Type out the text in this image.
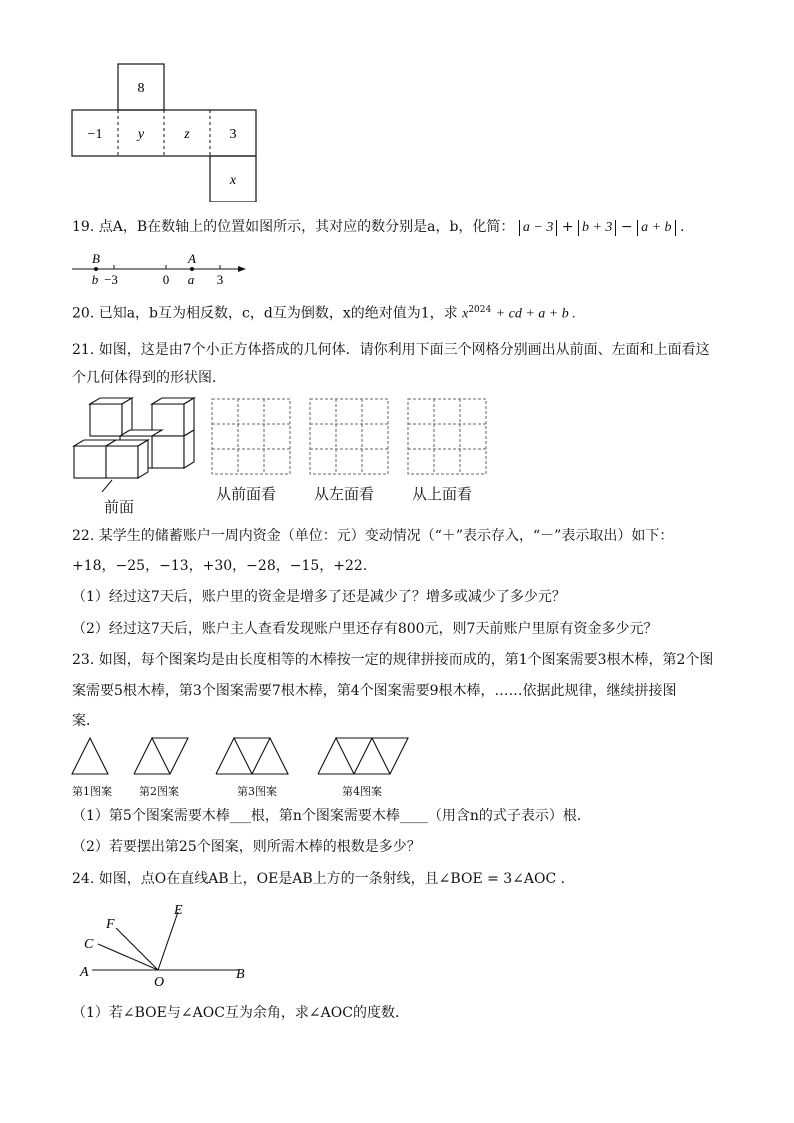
8
−1	y	z	3
x
19. 点A，B在数轴上的位置如图所示，其对应的数分别是a，b，化简： a − 3 + b + 3 − a + b .
B	A
b −3	0 a 3
20. 已知a，b互为相反数，c，d互为倒数，x的绝对值为1，求 $x^{2024}$ + cd + a + b .
21. 如图，这是由7个小正方体搭成的几何体．请你利用下面三个网格分别画出从前面、左面和上面看这
个几何体得到的形状图．
前面
从前面看	从左面看	从上面看
22. 某学生的储蓄账户一周内资金（单位：元）变动情况（“＋”表示存入，“－”表示取出）如下：
+18，−25，−13，+30，−28，−15，+22．
（1）经过这7天后，账户里的资金是增多了还是减少了？增多或减少了多少元？
（2）经过这7天后，账户主人查看发现账户里还存有800元，则7天前账户里原有资金多少元？
23. 如图，每个图案均是由长度相等的木棒按一定的规律拼接而成的，第1个图案需要3根木棒，第2个图
案需要5根木棒，第3个图案需要7根木棒，第4个图案需要9根木棒，……依据此规律，继续拼接图
案．
第1图案 第2图案	第3图案	第4图案
（1）第5个图案需要木棒___根，第n个图案需要木棒____（用含n的式子表示）根．
（2）若要摆出第25个图案，则所需木棒的根数是多少？
24. 如图，点O在直线AB上，OE是AB上方的一条射线，且∠BOE = 3∠AOC .
E
F
C
A
O
B
（1）若∠BOE与∠AOC互为余角，求∠AOC的度数．
